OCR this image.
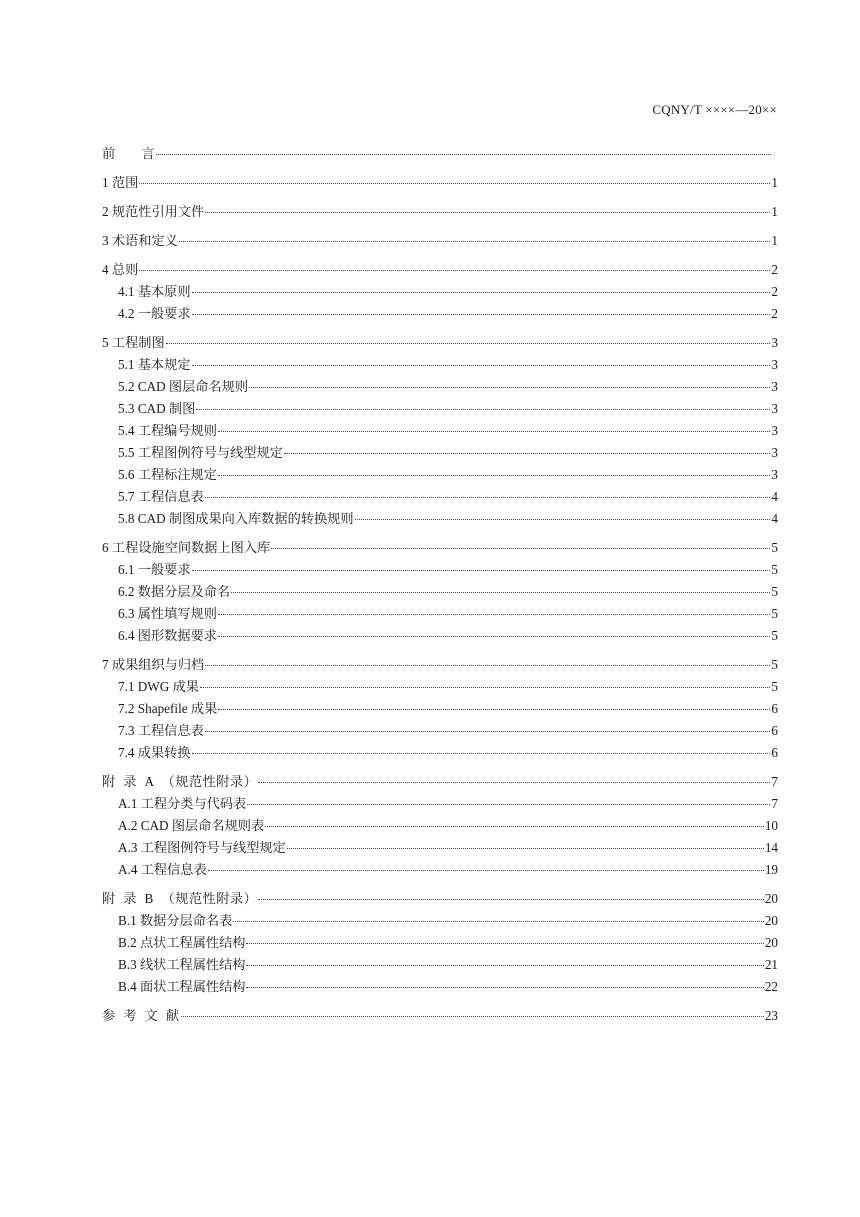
CQNY/T ××××—20××
前　　言
1 范围	1
2 规范性引用文件	1
3 术语和定义	1
4 总则	2
4.1 基本原则	2
4.2 一般要求	2
5 工程制图	3
5.1 基本规定	3
5.2 CAD 图层命名规则	3
5.3 CAD 制图	3
5.4 工程编号规则	3
5.5 工程图例符号与线型规定	3
5.6 工程标注规定	3
5.7 工程信息表	4
5.8 CAD 制图成果向入库数据的转换规则	4
6 工程设施空间数据上图入库	5
6.1 一般要求	5
6.2 数据分层及命名	5
6.3 属性填写规则	5
6.4 图形数据要求	5
7 成果组织与归档	5
7.1 DWG 成果	5
7.2 Shapefile 成果	6
7.3 工程信息表	6
7.4 成果转换	6
附  录  A  （规范性附录）	7
A.1 工程分类与代码表	7
A.2 CAD 图层命名规则表	10
A.3 工程图例符号与线型规定	14
A.4 工程信息表	19
附  录  B  （规范性附录）	20
B.1 数据分层命名表	20
B.2 点状工程属性结构	20
B.3 线状工程属性结构	21
B.4 面状工程属性结构	22
参  考  文  献	23
